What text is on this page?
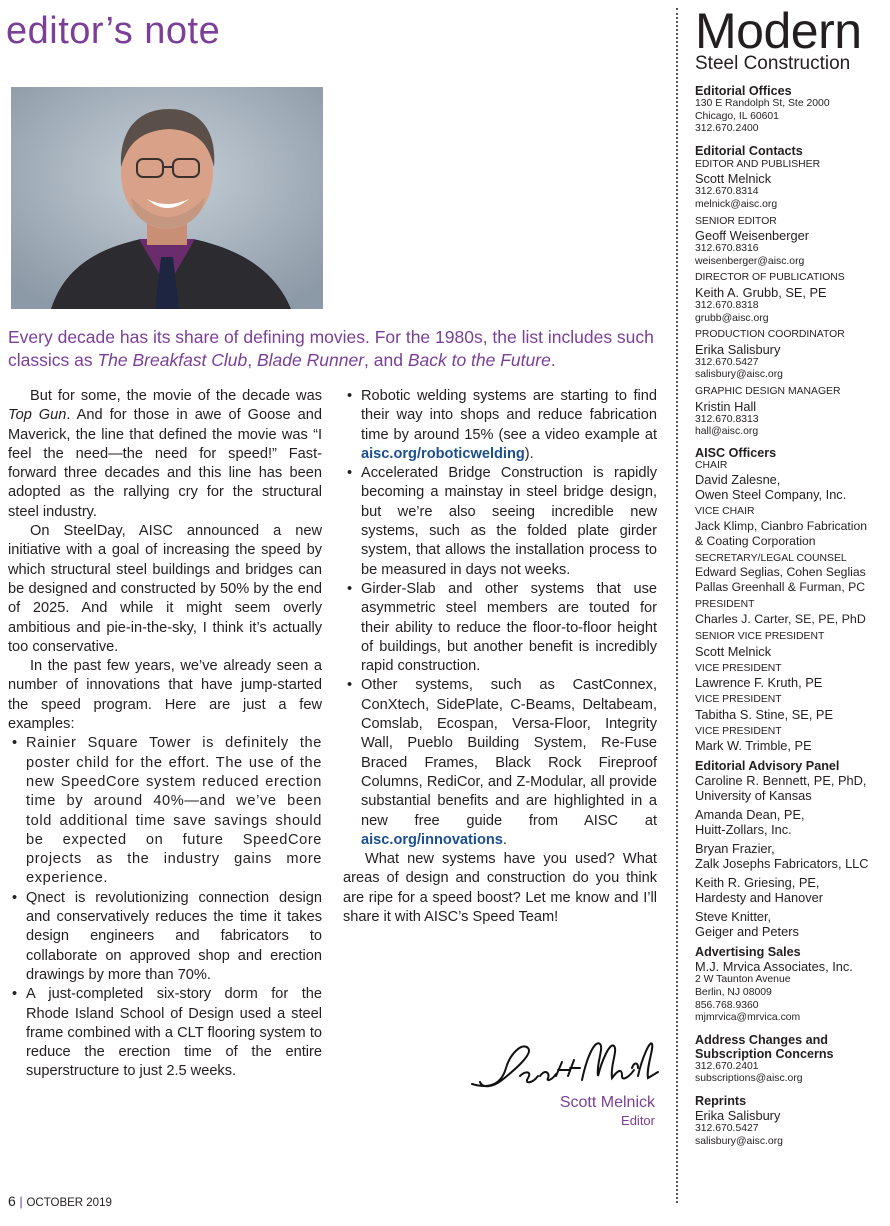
editor’s note
Every decade has its share of defining movies. For the 1980s, the list includes such classics as The Breakfast Club, Blade Runner, and Back to the Future.

But for some, the movie of the decade was Top Gun. And for those in awe of Goose and Maverick, the line that defined the movie was “I feel the need—the need for speed!” Fast-forward three decades and this line has been adopted as the rallying cry for the structural steel industry.

On SteelDay, AISC announced a new initiative with a goal of increasing the speed by which structural steel buildings and bridges can be designed and constructed by 50% by the end of 2025. And while it might seem overly ambitious and pie-in-the-sky, I think it’s actually too conservative.

In the past few years, we’ve already seen a number of innovations that have jump-started the speed program. Here are just a few examples:

• Rainier Square Tower is definitely the poster child for the effort. The use of the new SpeedCore system reduced erection time by around 40%—and we’ve been told additional time save savings should be expected on future SpeedCore projects as the industry gains more experience.
• Qnect is revolutionizing connection design and conservatively reduces the time it takes design engineers and fabricators to collaborate on approved shop and erection drawings by more than 70%.
• A just-completed six-story dorm for the Rhode Island School of Design used a steel frame combined with a CLT flooring system to reduce the erection time of the entire superstructure to just 2.5 weeks.
• Robotic welding systems are starting to find their way into shops and reduce fabrication time by around 15% (see a video example at aisc.org/roboticwelding).
• Accelerated Bridge Construction is rapidly becoming a mainstay in steel bridge design, but we’re also seeing incredible new systems, such as the folded plate girder system, that allows the installation process to be measured in days not weeks.
• Girder-Slab and other systems that use asymmetric steel members are touted for their ability to reduce the floor-to-floor height of buildings, but another benefit is incredibly rapid construction.
• Other systems, such as CastConnex, ConXtech, SidePlate, C-Beams, Deltabeam, Comslab, Ecospan, Versa-Floor, Integrity Wall, Pueblo Building System, Re-Fuse Braced Frames, Black Rock Fireproof Columns, RediCor, and Z-Modular, all provide substantial benefits and are highlighted in a new free guide from AISC at aisc.org/innovations.

What new systems have you used? What areas of design and construction do you think are ripe for a speed boost? Let me know and I’ll share it with AISC’s Speed Team!

Scott Melnick
Editor
6 | OCTOBER 2019
Modern
Steel Construction
Editorial Offices
130 E Randolph St, Ste 2000
Chicago, IL 60601
312.670.2400
Editorial Contacts
EDITOR AND PUBLISHER
Scott Melnick
312.670.8314
melnick@aisc.org
SENIOR EDITOR
Geoff Weisenberger
312.670.8316
weisenberger@aisc.org
DIRECTOR OF PUBLICATIONS
Keith A. Grubb, SE, PE
312.670.8318
grubb@aisc.org
PRODUCTION COORDINATOR
Erika Salisbury
312.670.5427
salisbury@aisc.org
GRAPHIC DESIGN MANAGER
Kristin Hall
312.670.8313
hall@aisc.org
AISC Officers
CHAIR
David Zalesne,
Owen Steel Company, Inc.
VICE CHAIR
Jack Klimp, Cianbro Fabrication
& Coating Corporation
SECRETARY/LEGAL COUNSEL
Edward Seglias, Cohen Seglias
Pallas Greenhall & Furman, PC
PRESIDENT
Charles J. Carter, SE, PE, PhD
SENIOR VICE PRESIDENT
Scott Melnick
VICE PRESIDENT
Lawrence F. Kruth, PE
VICE PRESIDENT
Tabitha S. Stine, SE, PE
VICE PRESIDENT
Mark W. Trimble, PE
Editorial Advisory Panel
Caroline R. Bennett, PE, PhD,
University of Kansas
Amanda Dean, PE,
Huitt-Zollars, Inc.
Bryan Frazier,
Zalk Josephs Fabricators, LLC
Keith R. Griesing, PE,
Hardesty and Hanover
Steve Knitter,
Geiger and Peters
Advertising Sales
M.J. Mrvica Associates, Inc.
2 W Taunton Avenue
Berlin, NJ 08009
856.768.9360
mjmrvica@mrvica.com
Address Changes and Subscription Concerns
312.670.2401
subscriptions@aisc.org
Reprints
Erika Salisbury
312.670.5427
salisbury@aisc.org
